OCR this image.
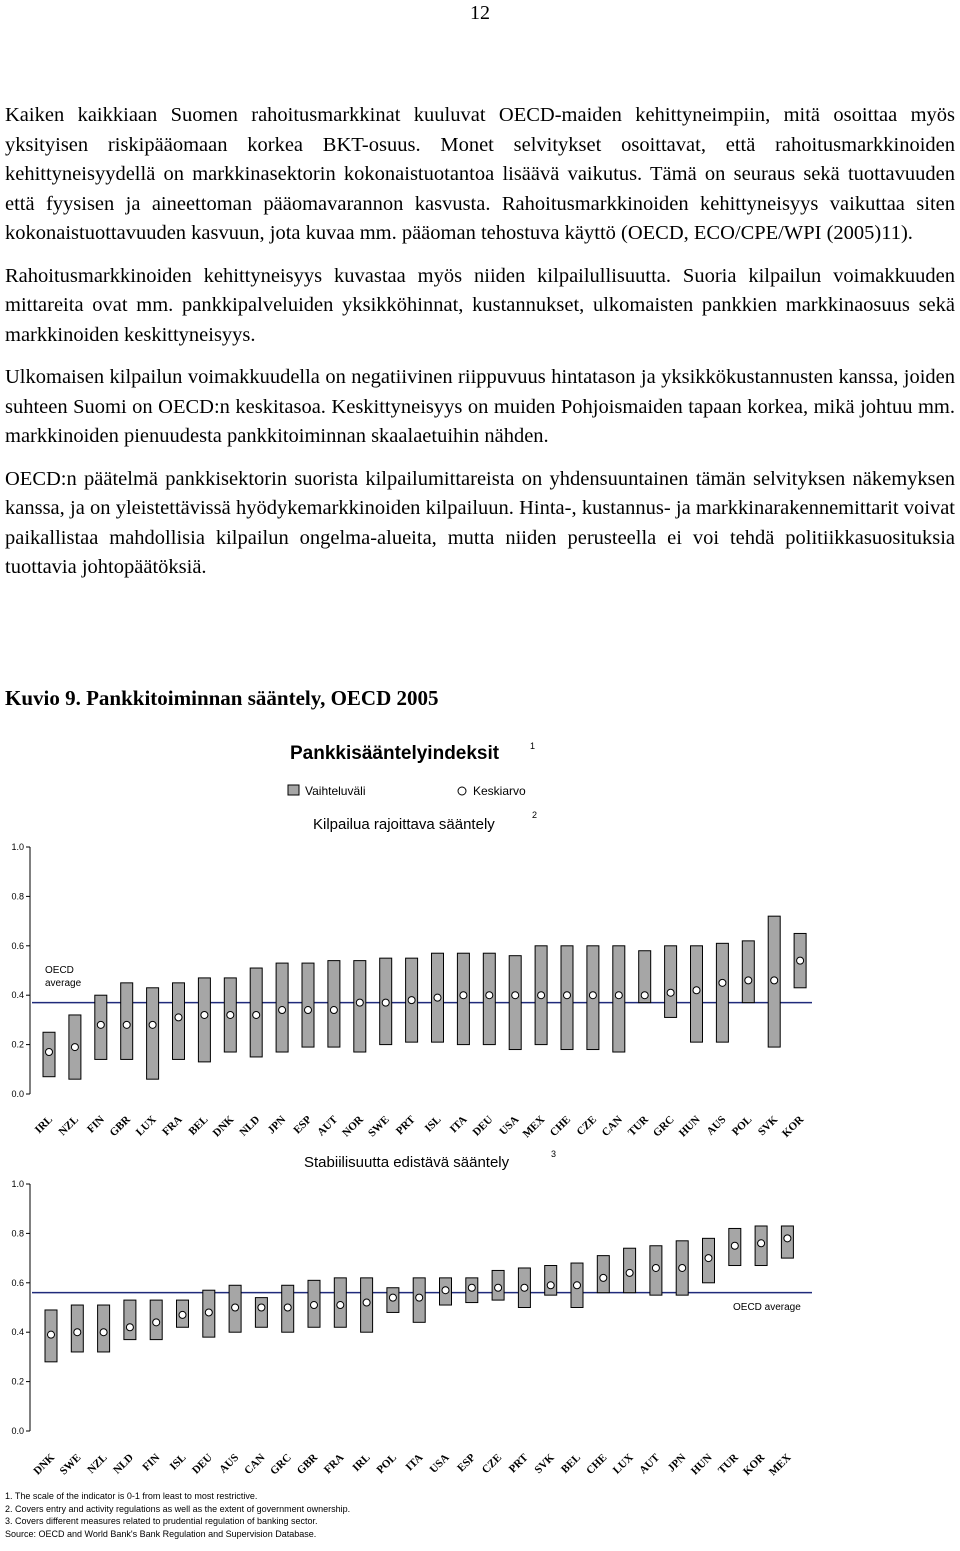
12

Kaiken kaikkiaan Suomen rahoitusmarkkinat kuuluvat OECD-maiden kehittyneimpiin, mitä osoittaa myös yksityisen riskipääomaan korkea BKT-osuus. Monet selvitykset osoittavat, että rahoitusmarkkinoiden kehittyneisyydellä on markkinasektorin kokonaistuotantoa lisäävä vaikutus. Tämä on seuraus sekä tuottavuuden että fyysisen ja aineettoman pääomavarannon kasvusta. Rahoitusmarkkinoiden kehittyneisyys vaikuttaa siten kokonaistuottavuuden kasvuun, jota kuvaa mm. pääoman tehostuva käyttö (OECD, ECO/CPE/WPI (2005)11).

Rahoitusmarkkinoiden kehittyneisyys kuvastaa myös niiden kilpailullisuutta. Suoria kilpailun voimakkuuden mittareita ovat mm. pankkipalveluiden yksikköhinnat, kustannukset, ulkomaisten pankkien markkinaosuus sekä markkinoiden keskittyneisyys.

Ulkomaisen kilpailun voimakkuudella on negatiivinen riippuvuus hintatason ja yksikkökustannusten kanssa, joiden suhteen Suomi on OECD:n keskitasoa. Keskittyneisyys on muiden Pohjoismaiden tapaan korkea, mikä johtuu mm. markkinoiden pienuudesta pankkitoiminnan skaalaetuihin nähden.

OECD:n päätelmä pankkisektorin suorista kilpailumittareista on yhdensuuntainen tämän selvityksen näkemyksen kanssa, ja on yleistettävissä hyödykemarkkinoiden kilpailuun. Hinta-, kustannus- ja markkinarakennemittarit voivat paikallistaa mahdollisia kilpailun ongelma-alueita, mutta niiden perusteella ei voi tehdä politiikkasuosituksia tuottavia johtopäätöksiä.

Kuvio 9. Pankkitoiminnan sääntely, OECD 2005
Pankkisääntelyindeksit	1
Vaihteluväli	Keskiarvo
Kilpailua rajoittava sääntely
2
0.0
0.2
0.4
0.6
0.8
1.0
IRL NZL FIN GBR LUX FRA BEL DNK NLD JPN ESP AUT NOR SWE PRT ISL ITA DEU USA MEX CHE CZE CAN TUR GRC HUN AUS POL SVK KOR
OECD
average
Stabiilisuutta edistävä sääntely	3
0.0
0.2
0.4
0.6
0.8
1.0
DNK SWE NZL NLD FIN ISL DEU AUS CAN GRC GBR FRA IRL POL ITA USA ESP CZE PRT SVK BEL CHE LUX AUT JPN HUN TUR KOR MEX
OECD average
1. The scale of the indicator is 0-1 from least to most restrictive.
2. Covers entry and activity regulations as well as the extent of government ownership.
3. Covers different measures related to prudential regulation of banking sector.
Source: OECD and World Bank's Bank Regulation and Supervision Database.
